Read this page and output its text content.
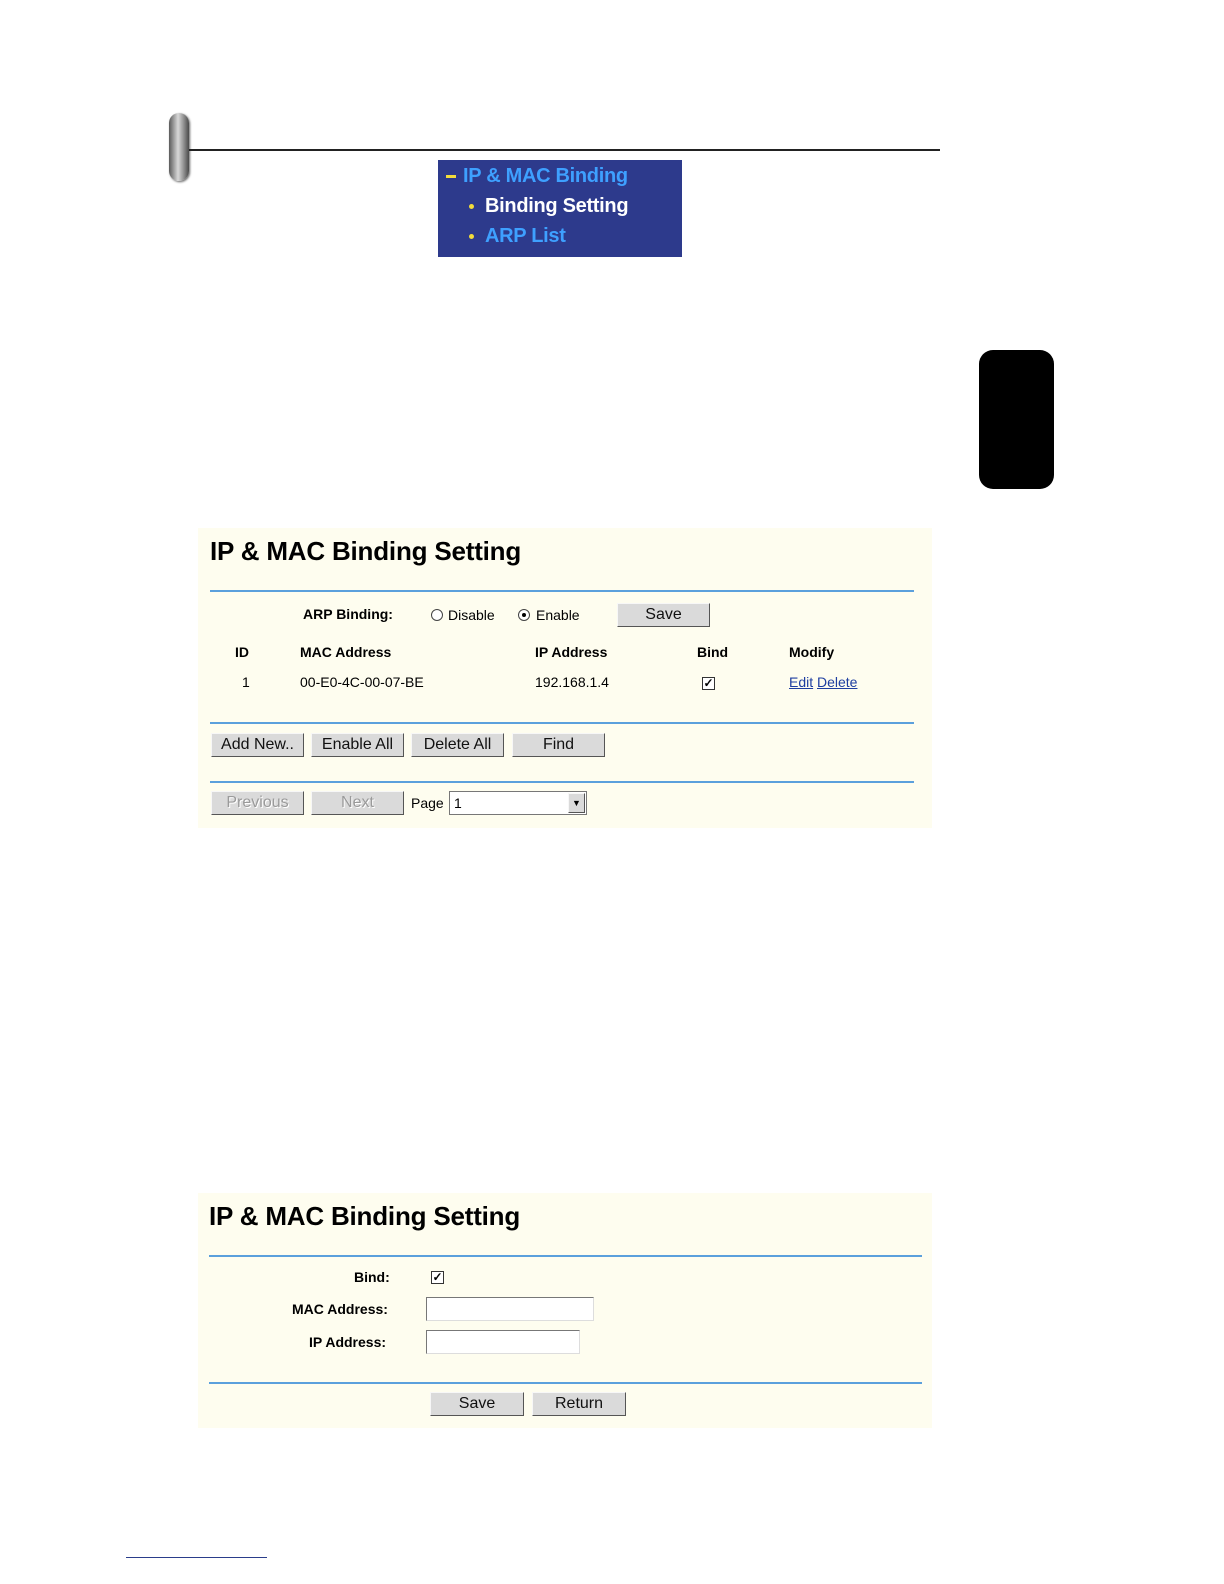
IP & MAC Binding
Binding Setting
ARP List
IP & MAC Binding Setting
ARP Binding:	Disable	Enable	Save
ID	MAC Address	IP Address	Bind	Modify
1	00-E0-4C-00-07-BE	192.168.1.4	✓	Edit Delete
Add New..	Enable All	Delete All	Find
Previous	Next	Page 1	▼
IP & MAC Binding Setting
Bind:	✓
MAC Address:
IP Address:
Save	Return
